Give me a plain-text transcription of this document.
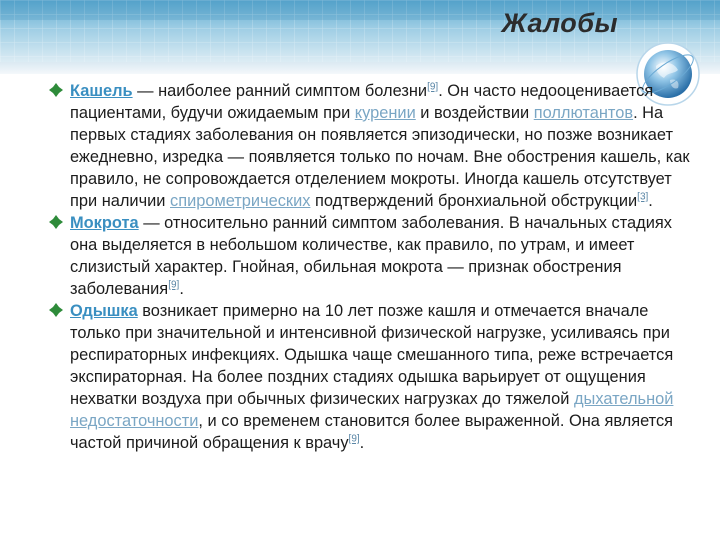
Жалобы

Кашель — наиболее ранний симптом болезни[9]. Он часто недооценивается пациентами, будучи ожидаемым при курении и воздействии поллютантов. На первых стадиях заболевания он появляется эпизодически, но позже возникает ежедневно, изредка — появляется только по ночам. Вне обострения кашель, как правило, не сопровождается отделением мокроты. Иногда кашель отсутствует при наличии спирометрических подтверждений бронхиальной обструкции[3].

Мокрота — относительно ранний симптом заболевания. В начальных стадиях она выделяется в небольшом количестве, как правило, по утрам, и имеет слизистый характер. Гнойная, обильная мокрота — признак обострения заболевания[9].

Одышка возникает примерно на 10 лет позже кашля и отмечается вначале только при значительной и интенсивной физической нагрузке, усиливаясь при респираторных инфекциях. Одышка чаще смешанного типа, реже встречается экспираторная. На более поздних стадиях одышка варьирует от ощущения нехватки воздуха при обычных физических нагрузках до тяжелой дыхательной недостаточности, и со временем становится более выраженной. Она является частой причиной обращения к врачу[9].
